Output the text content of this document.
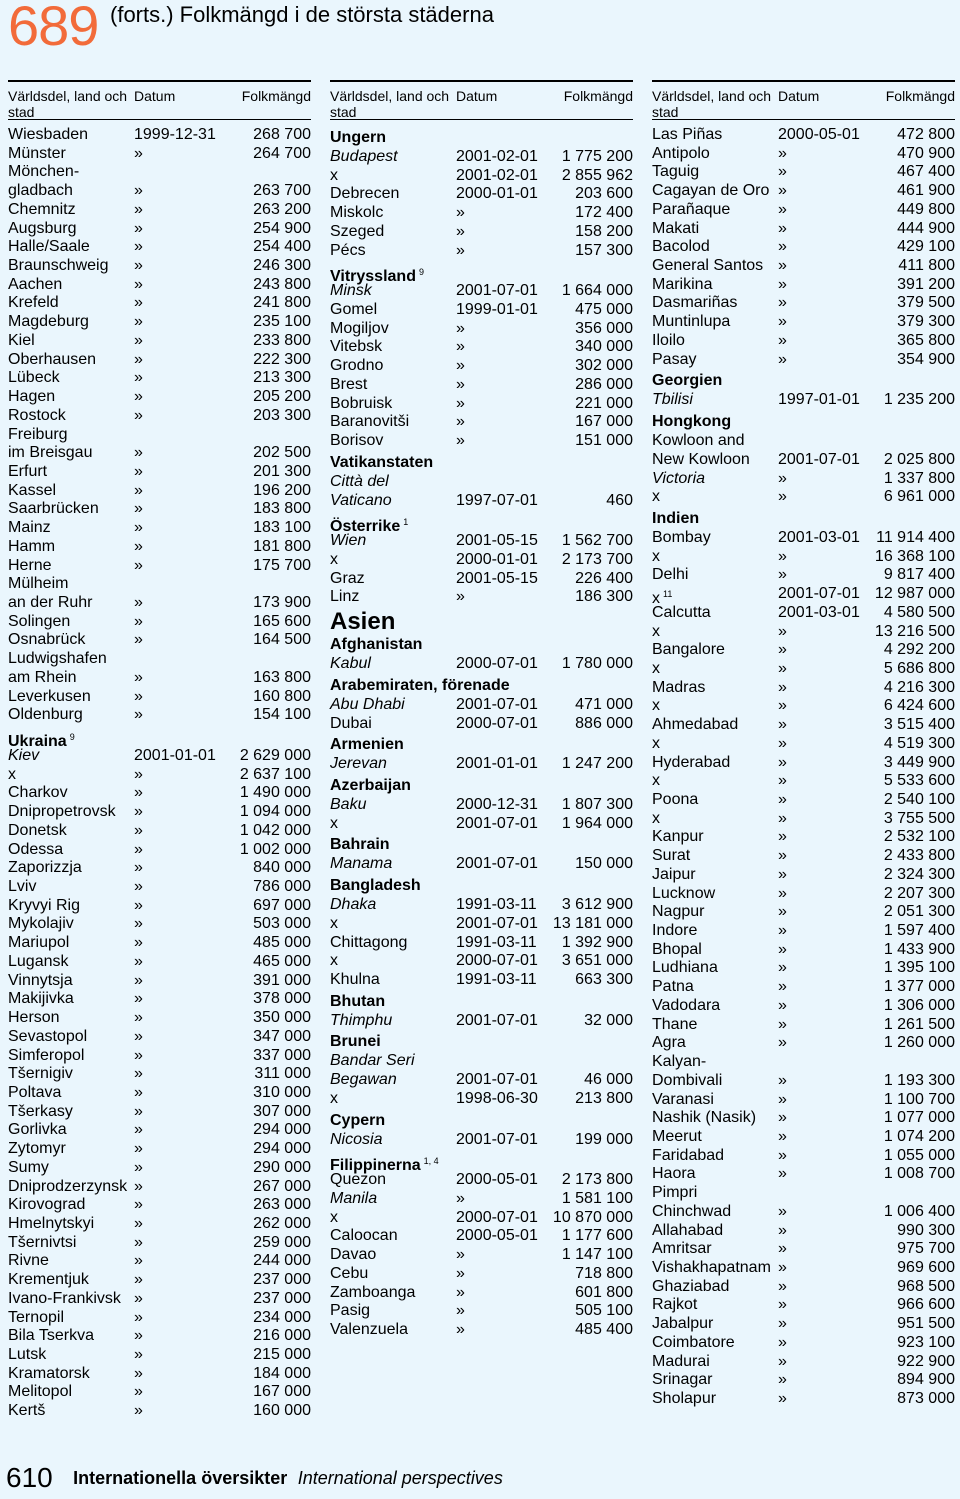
689 (forts.) Folkmängd i de största städerna
Världsdel, land och stad
Datum	Folkmängd
Wiesbaden	1999-12-31 268 700
Münster	»	264 700
Mönchen-
gladbach	»	263 700
Chemnitz	»	263 200
Augsburg	»	254 900
Halle/Saale	»	254 400
Braunschweig »	246 300
Aachen	»	243 800
Krefeld	»	241 800
Magdeburg	»	235 100
Kiel	»	233 800
Oberhausen »	222 300
Lübeck	»	213 300
Hagen	»	205 200
Rostock	»	203 300
Freiburg
im Breisgau	»	202 500
Erfurt	»	201 300
Kassel	»	196 200
Saarbrücken »	183 800
Mainz	»	183 100
Hamm	»	181 800
Herne	»	175 700
Mülheim
an der Ruhr	»	173 900
Solingen	»	165 600
Osnabrück	»	164 500
Ludwigshafen
am Rhein	»	163 800
Leverkusen	»	160 800
Oldenburg	»	154 100
Ukraina $^9$
Kiev	2001-01-01 2 629 000
x	»	2 637 100
Charkov	»	1 490 000
Dnipropetrovsk »	1 094 000
Donetsk	»	1 042 000
Odessa	»	1 002 000
Zaporizzja	»	840 000
Lviv	»	786 000
Kryvyi Rig	»	697 000
Mykolajiv	»	503 000
Mariupol	»	485 000
Lugansk	»	465 000
Vinnytsja	»	391 000
Makijivka	»	378 000
Herson	»	350 000
Sevastopol	»	347 000
Simferopol	»	337 000
Tšernigiv	»	311 000
Poltava	»	310 000
Tšerkasy	»	307 000
Gorlivka	»	294 000
Zytomyr	»	294 000
Sumy	»	290 000
Dniprodzerzynsk »	267 000
Kirovograd	»	263 000
Hmelnytskyi »	262 000
Tšernivtsi	»	259 000
Rivne	»	244 000
Krementjuk	»	237 000
Ivano-Frankivsk »	237 000
Ternopil	»	234 000
Bila Tserkva	»	216 000
Lutsk	»	215 000
Kramatorsk	»	184 000
Melitopol	»	167 000
Kertš	»	160 000
Världsdel, land och stad
Datum	Folkmängd
Ungern
Budapest	2001-02-01 1 775 200
x	2001-02-01 2 855 962
Debrecen	2000-01-01 203 600
Miskolc	»	172 400
Szeged	»	158 200
Pécs	»	157 300
Vitryssland $^9$
Minsk	2001-07-01 1 664 000
Gomel	1999-01-01 475 000
Mogiljov	»	356 000
Vitebsk	»	340 000
Grodno	»	302 000
Brest	»	286 000
Bobruisk	»	221 000
Baranovitši	»	167 000
Borisov	»	151 000
Vatikanstaten
Città del
Vaticano	1997-07-01	460
Österrike $^1$
Wien	2001-05-15 1 562 700
x	2000-01-01 2 173 700
Graz	2001-05-15 226 400
Linz	»	186 300
Asien
Afghanistan
Kabul	2000-07-01 1 780 000
Arabemiraten, förenade
Abu Dhabi	2001-07-01 471 000
Dubai	2000-07-01 886 000
Armenien
Jerevan	2001-01-01 1 247 200
Azerbaijan
Baku	2000-12-31 1 807 300
x	2001-07-01 1 964 000
Bahrain
Manama	2001-07-01 150 000
Bangladesh
Dhaka	1991-03-11 3 612 900
x	2001-07-01 13 181 000
Chittagong	1991-03-11 1 392 900
x	2000-07-01 3 651 000
Khulna	1991-03-11 663 300
Bhutan
Thimphu	2001-07-01	32 000
Brunei
Bandar Seri
Begawan	2001-07-01	46 000
x	1998-06-30 213 800
Cypern
Nicosia	2001-07-01 199 000
Filippinerna $^{1, 4}$
Quezon	2000-05-01 2 173 800
Manila	»	1 581 100
x	2000-07-01 10 870 000
Caloocan	2000-05-01 1 177 600
Davao	»	1 147 100
Cebu	»	718 800
Zamboanga	»	601 800
Pasig	»	505 100
Valenzuela	»	485 400
Världsdel, land och stad
Datum	Folkmängd
Las Piñas	2000-05-01 472 800
Antipolo	»	470 900
Taguig	»	467 400
Cagayan de Oro »	461 900
Parañaque	»	449 800
Makati	»	444 900
Bacolod	»	429 100
General Santos »	411 800
Marikina	»	391 200
Dasmariñas	»	379 500
Muntinlupa	»	379 300
Iloilo	»	365 800
Pasay	»	354 900
Georgien
Tbilisi	1997-01-01 1 235 200
Hongkong
Kowloon and
New Kowloon 2001-07-01 2 025 800
Victoria	»	1 337 800
x	»	6 961 000
Indien
Bombay	2001-03-01 11 914 400
x	»	16 368 100
Delhi	»	9 817 400
x $^{11}$	2001-07-01 12 987 000
Calcutta	2001-03-01 4 580 500
x	»	13 216 500
Bangalore	»	4 292 200
x	»	5 686 800
Madras	»	4 216 300
x	»	6 424 600
Ahmedabad »	3 515 400
x	»	4 519 300
Hyderabad	»	3 449 900
x	»	5 533 600
Poona	»	2 540 100
x	»	3 755 500
Kanpur	»	2 532 100
Surat	»	2 433 800
Jaipur	»	2 324 300
Lucknow	»	2 207 300
Nagpur	»	2 051 300
Indore	»	1 597 400
Bhopal	»	1 433 900
Ludhiana	»	1 395 100
Patna	»	1 377 000
Vadodara	»	1 306 000
Thane	»	1 261 500
Agra	»	1 260 000
Kalyan-
Dombivali	»	1 193 300
Varanasi	»	1 100 700
Nashik (Nasik) »	1 077 000
Meerut	»	1 074 200
Faridabad	»	1 055 000
Haora	»	1 008 700
Pimpri
Chinchwad	»	1 006 400
Allahabad	»	990 300
Amritsar	»	975 700
Vishakhapatnam »	969 600
Ghaziabad	»	968 500
Rajkot	»	966 600
Jabalpur	»	951 500
Coimbatore	»	923 100
Madurai	»	922 900
Srinagar	»	894 900
Sholapur	»	873 000
610 Internationella översikter International perspectives
